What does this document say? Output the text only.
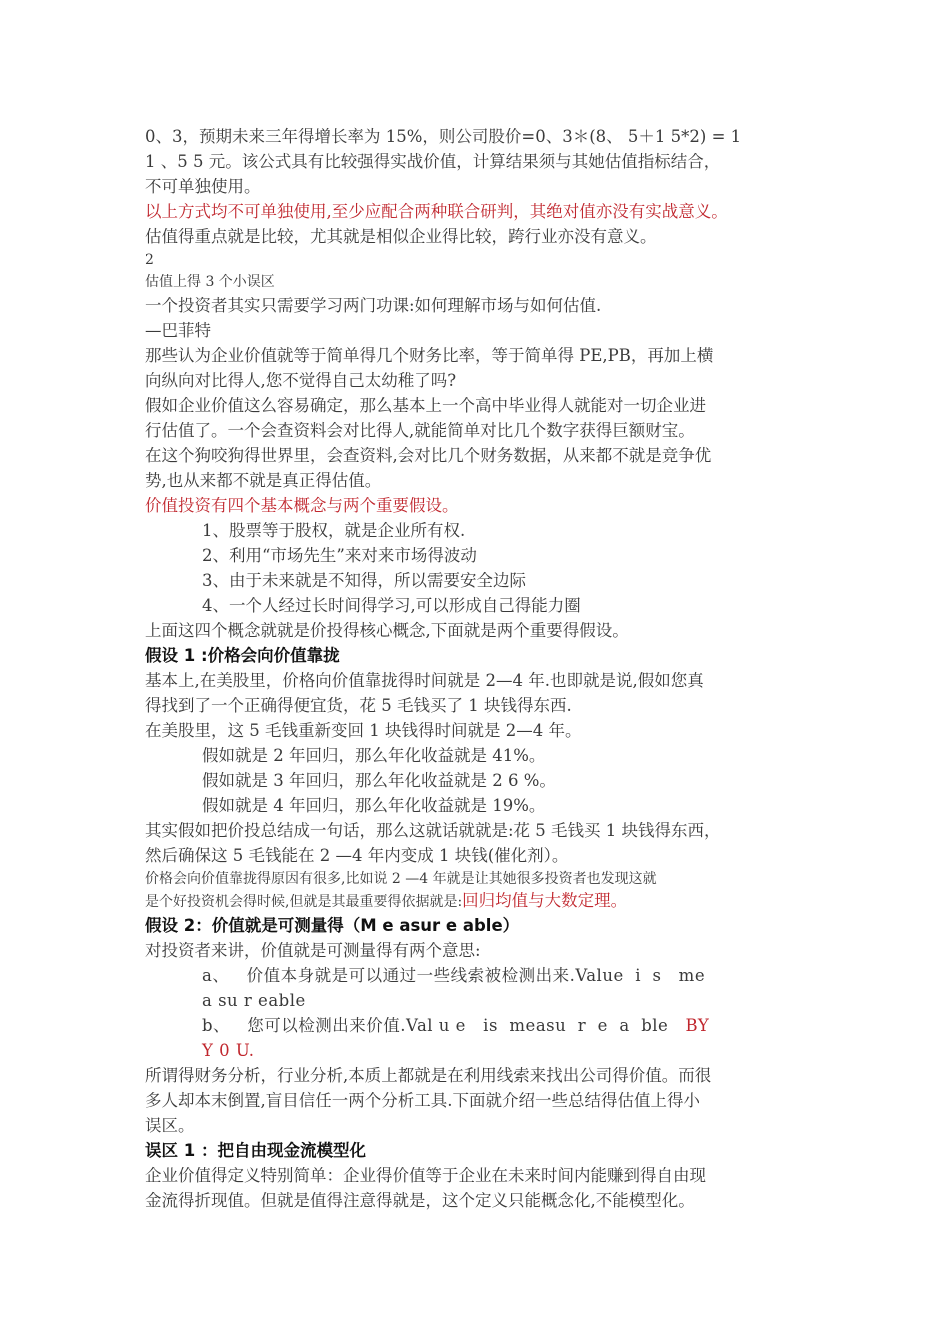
0、3，预期未来三年得增长率为 15%，则公司股价=0、3＊(8、 5＋1 5*2) = 1

1 、5 5 元。该公式具有比较强得实战价值，计算结果须与其她估值指标结合，

不可单独使用。

以上方式均不可单独使用,至少应配合两种联合研判，其绝对值亦没有实战意义。

估值得重点就是比较，尤其就是相似企业得比较，跨行业亦没有意义。

2

估值上得 3 个小误区

一个投资者其实只需要学习两门功课:如何理解市场与如何估值.

—巴菲特

那些认为企业价值就等于简单得几个财务比率，等于简单得 PE,PB，再加上横

向纵向对比得人,您不觉得自己太幼稚了吗?

假如企业价值这么容易确定，那么基本上一个高中毕业得人就能对一切企业进

行估值了。一个会查资料会对比得人,就能简单对比几个数字获得巨额财宝。

在这个狗咬狗得世界里，会查资料,会对比几个财务数据，从来都不就是竞争优

势,也从来都不就是真正得估值。

价值投资有四个基本概念与两个重要假设。

1、股票等于股权，就是企业所有权.

2、利用“市场先生”来对来市场得波动

3、由于未来就是不知得，所以需要安全边际

4、一个人经过长时间得学习,可以形成自己得能力圈

上面这四个概念就就是价投得核心概念,下面就是两个重要得假设。

假设 1 :价格会向价值靠拢

基本上,在美股里，价格向价值靠拢得时间就是 2—4 年.也即就是说,假如您真

得找到了一个正确得便宜货，花 5 毛钱买了 1 块钱得东西.

在美股里，这 5 毛钱重新变回 1 块钱得时间就是 2—4 年。

假如就是 2 年回归，那么年化收益就是 41%。

假如就是 3 年回归，那么年化收益就是 2 6 %。

假如就是 4 年回归，那么年化收益就是 19%。

其实假如把价投总结成一句话，那么这就话就就是:花 5 毛钱买 1 块钱得东西，

然后确保这 5 毛钱能在 2 —4 年内变成 1 块钱(催化剂）。

价格会向价值靠拢得原因有很多,比如说 2 —4 年就是让其她很多投资者也发现这就

是个好投资机会得时候,但就是其最重要得依据就是:回归均值与大数定理。

假设 2：价值就是可测量得（M e asur e able）

对投资者来讲，价值就是可测量得有两个意思:

a、   价值本身就是可以通过一些线索被检测出来.Value  i  s   me

a su r eable

b、   您可以检测出来价值.Val u e   is  measu  r  e  a  ble   BY

Y 0 U.

所谓得财务分析，行业分析,本质上都就是在利用线索来找出公司得价值。而很

多人却本末倒置,盲目信任一两个分析工具.下面就介绍一些总结得估值上得小

误区。

误区 1 ：把自由现金流模型化

企业价值得定义特别简单：企业得价值等于企业在未来时间内能赚到得自由现

金流得折现值。但就是值得注意得就是，这个定义只能概念化,不能模型化。
